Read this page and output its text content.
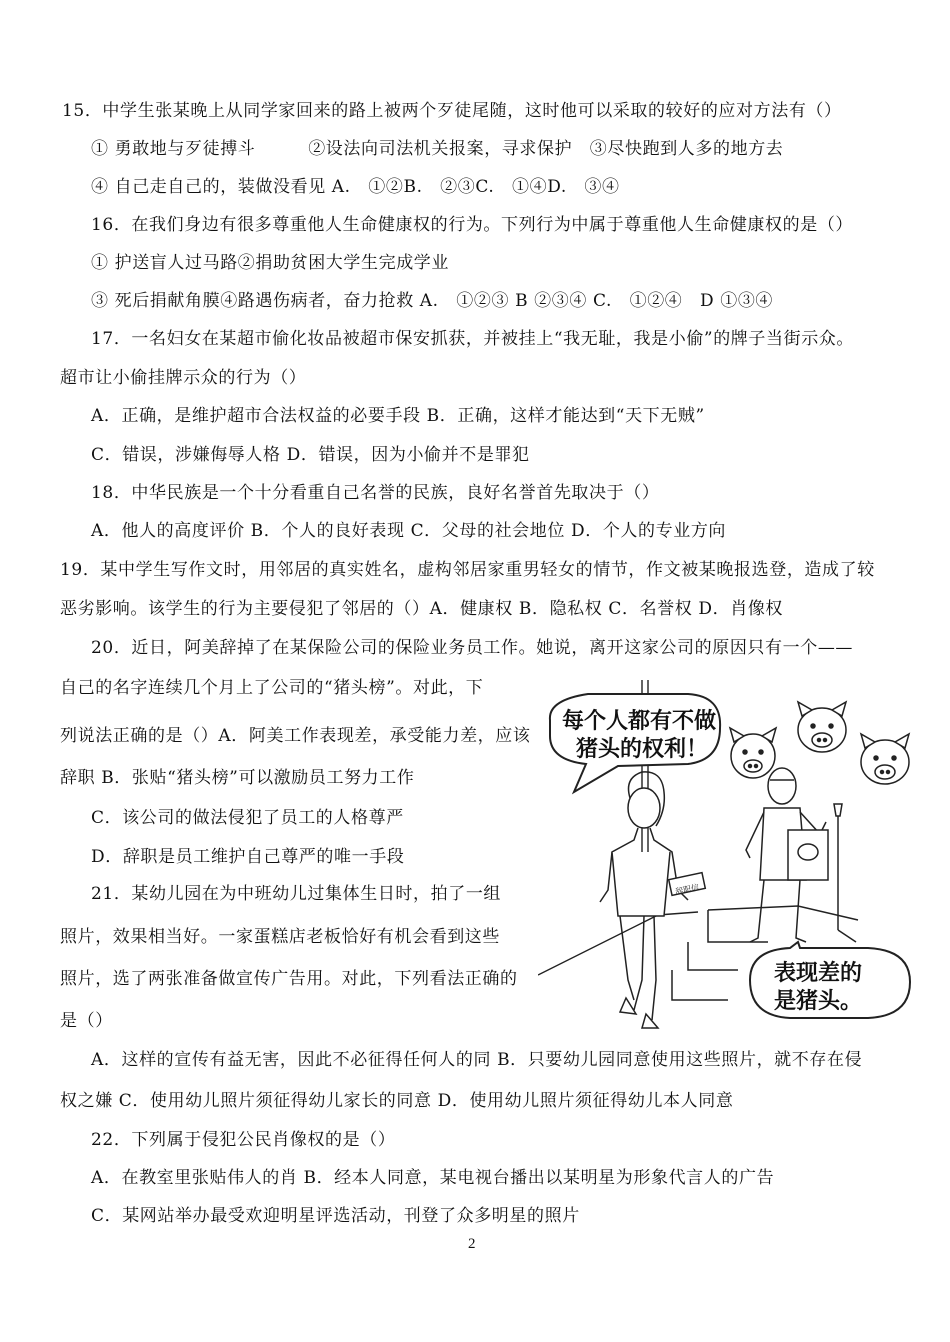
15．中学生张某晚上从同学家回来的路上被两个歹徒尾随，这时他可以采取的较好的应对方法有（）
① 勇敢地与歹徒搏斗　　　②设法向司法机关报案，寻求保护　③尽快跑到人多的地方去
④ 自己走自己的，装做没看见 A.　①②B.　②③C.　①④D.　③④
16．在我们身边有很多尊重他人生命健康权的行为。下列行为中属于尊重他人生命健康权的是（）
① 护送盲人过马路②捐助贫困大学生完成学业
③ 死后捐献角膜④路遇伤病者，奋力抢救 A.　①②③ B ②③④ C.　①②④　D ①③④
17．一名妇女在某超市偷化妆品被超市保安抓获，并被挂上“我无耻，我是小偷”的牌子当街示众。
超市让小偷挂牌示众的行为（）
A．正确，是维护超市合法权益的必要手段 B．正确，这样才能达到“天下无贼”
C．错误，涉嫌侮辱人格 D．错误，因为小偷并不是罪犯
18．中华民族是一个十分看重自己名誉的民族，良好名誉首先取决于（）
A．他人的高度评价 B．个人的良好表现 C．父母的社会地位 D．个人的专业方向
19．某中学生写作文时，用邻居的真实姓名，虚构邻居家重男轻女的情节，作文被某晚报选登，造成了较
恶劣影响。该学生的行为主要侵犯了邻居的（）A．健康权 B．隐私权 C．名誉权 D．肖像权
20．近日，阿美辞掉了在某保险公司的保险业务员工作。她说，离开这家公司的原因只有一个——
自己的名字连续几个月上了公司的“猪头榜”。对此，下
列说法正确的是（）A．阿美工作表现差，承受能力差，应该
辞职 B．张贴“猪头榜”可以激励员工努力工作
C．该公司的做法侵犯了员工的人格尊严
D．辞职是员工维护自己尊严的唯一手段
21．某幼儿园在为中班幼儿过集体生日时，拍了一组
照片，效果相当好。一家蛋糕店老板恰好有机会看到这些
照片，选了两张准备做宣传广告用。对此，下列看法正确的
是（）
A．这样的宣传有益无害，因此不必征得任何人的同 B．只要幼儿园同意使用这些照片，就不存在侵
权之嫌 C．使用幼儿照片须征得幼儿家长的同意 D．使用幼儿照片须征得幼儿本人同意
22．下列属于侵犯公民肖像权的是（）
A．在教室里张贴伟人的肖 B．经本人同意，某电视台播出以某明星为形象代言人的广告
C．某网站举办最受欢迎明星评选活动，刊登了众多明星的照片
每个人都有不做
猪头的权利！
辞职信
表现差的
是猪头。
2
